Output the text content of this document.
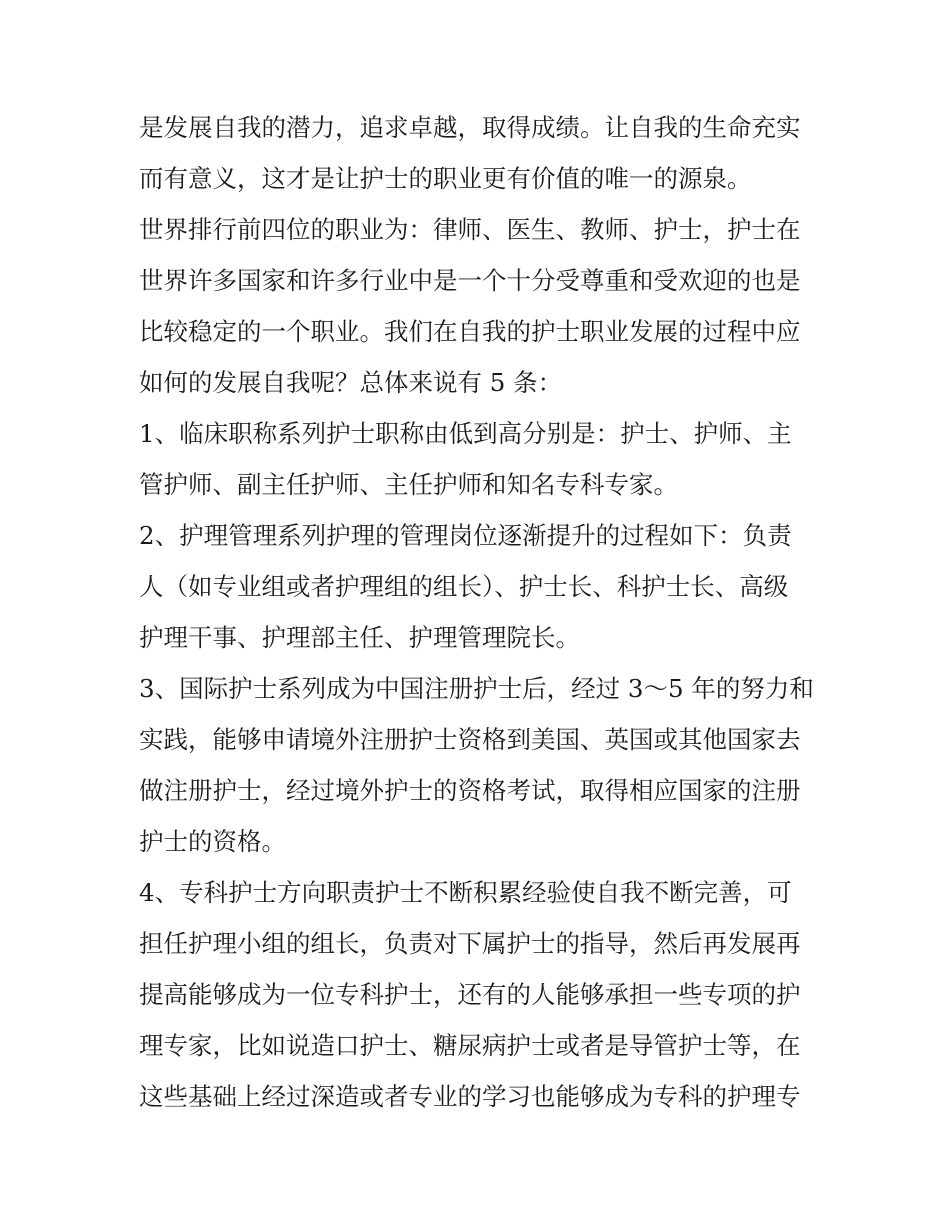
是发展自我的潜力，追求卓越，取得成绩。让自我的生命充实
而有意义，这才是让护士的职业更有价值的唯一的源泉。
世界排行前四位的职业为：律师、医生、教师、护士，护士在
世界许多国家和许多行业中是一个十分受尊重和受欢迎的也是
比较稳定的一个职业。我们在自我的护士职业发展的过程中应
如何的发展自我呢？总体来说有 5 条：
1、临床职称系列护士职称由低到高分别是：护士、护师、主
管护师、副主任护师、主任护师和知名专科专家。
2、护理管理系列护理的管理岗位逐渐提升的过程如下：负责
人（如专业组或者护理组的组长）、护士长、科护士长、高级
护理干事、护理部主任、护理管理院长。
3、国际护士系列成为中国注册护士后，经过 3～5 年的努力和
实践，能够申请境外注册护士资格到美国、英国或其他国家去
做注册护士，经过境外护士的资格考试，取得相应国家的注册
护士的资格。
4、专科护士方向职责护士不断积累经验使自我不断完善，可
担任护理小组的组长，负责对下属护士的指导，然后再发展再
提高能够成为一位专科护士，还有的人能够承担一些专项的护
理专家，比如说造口护士、糖尿病护士或者是导管护士等，在
这些基础上经过深造或者专业的学习也能够成为专科的护理专
